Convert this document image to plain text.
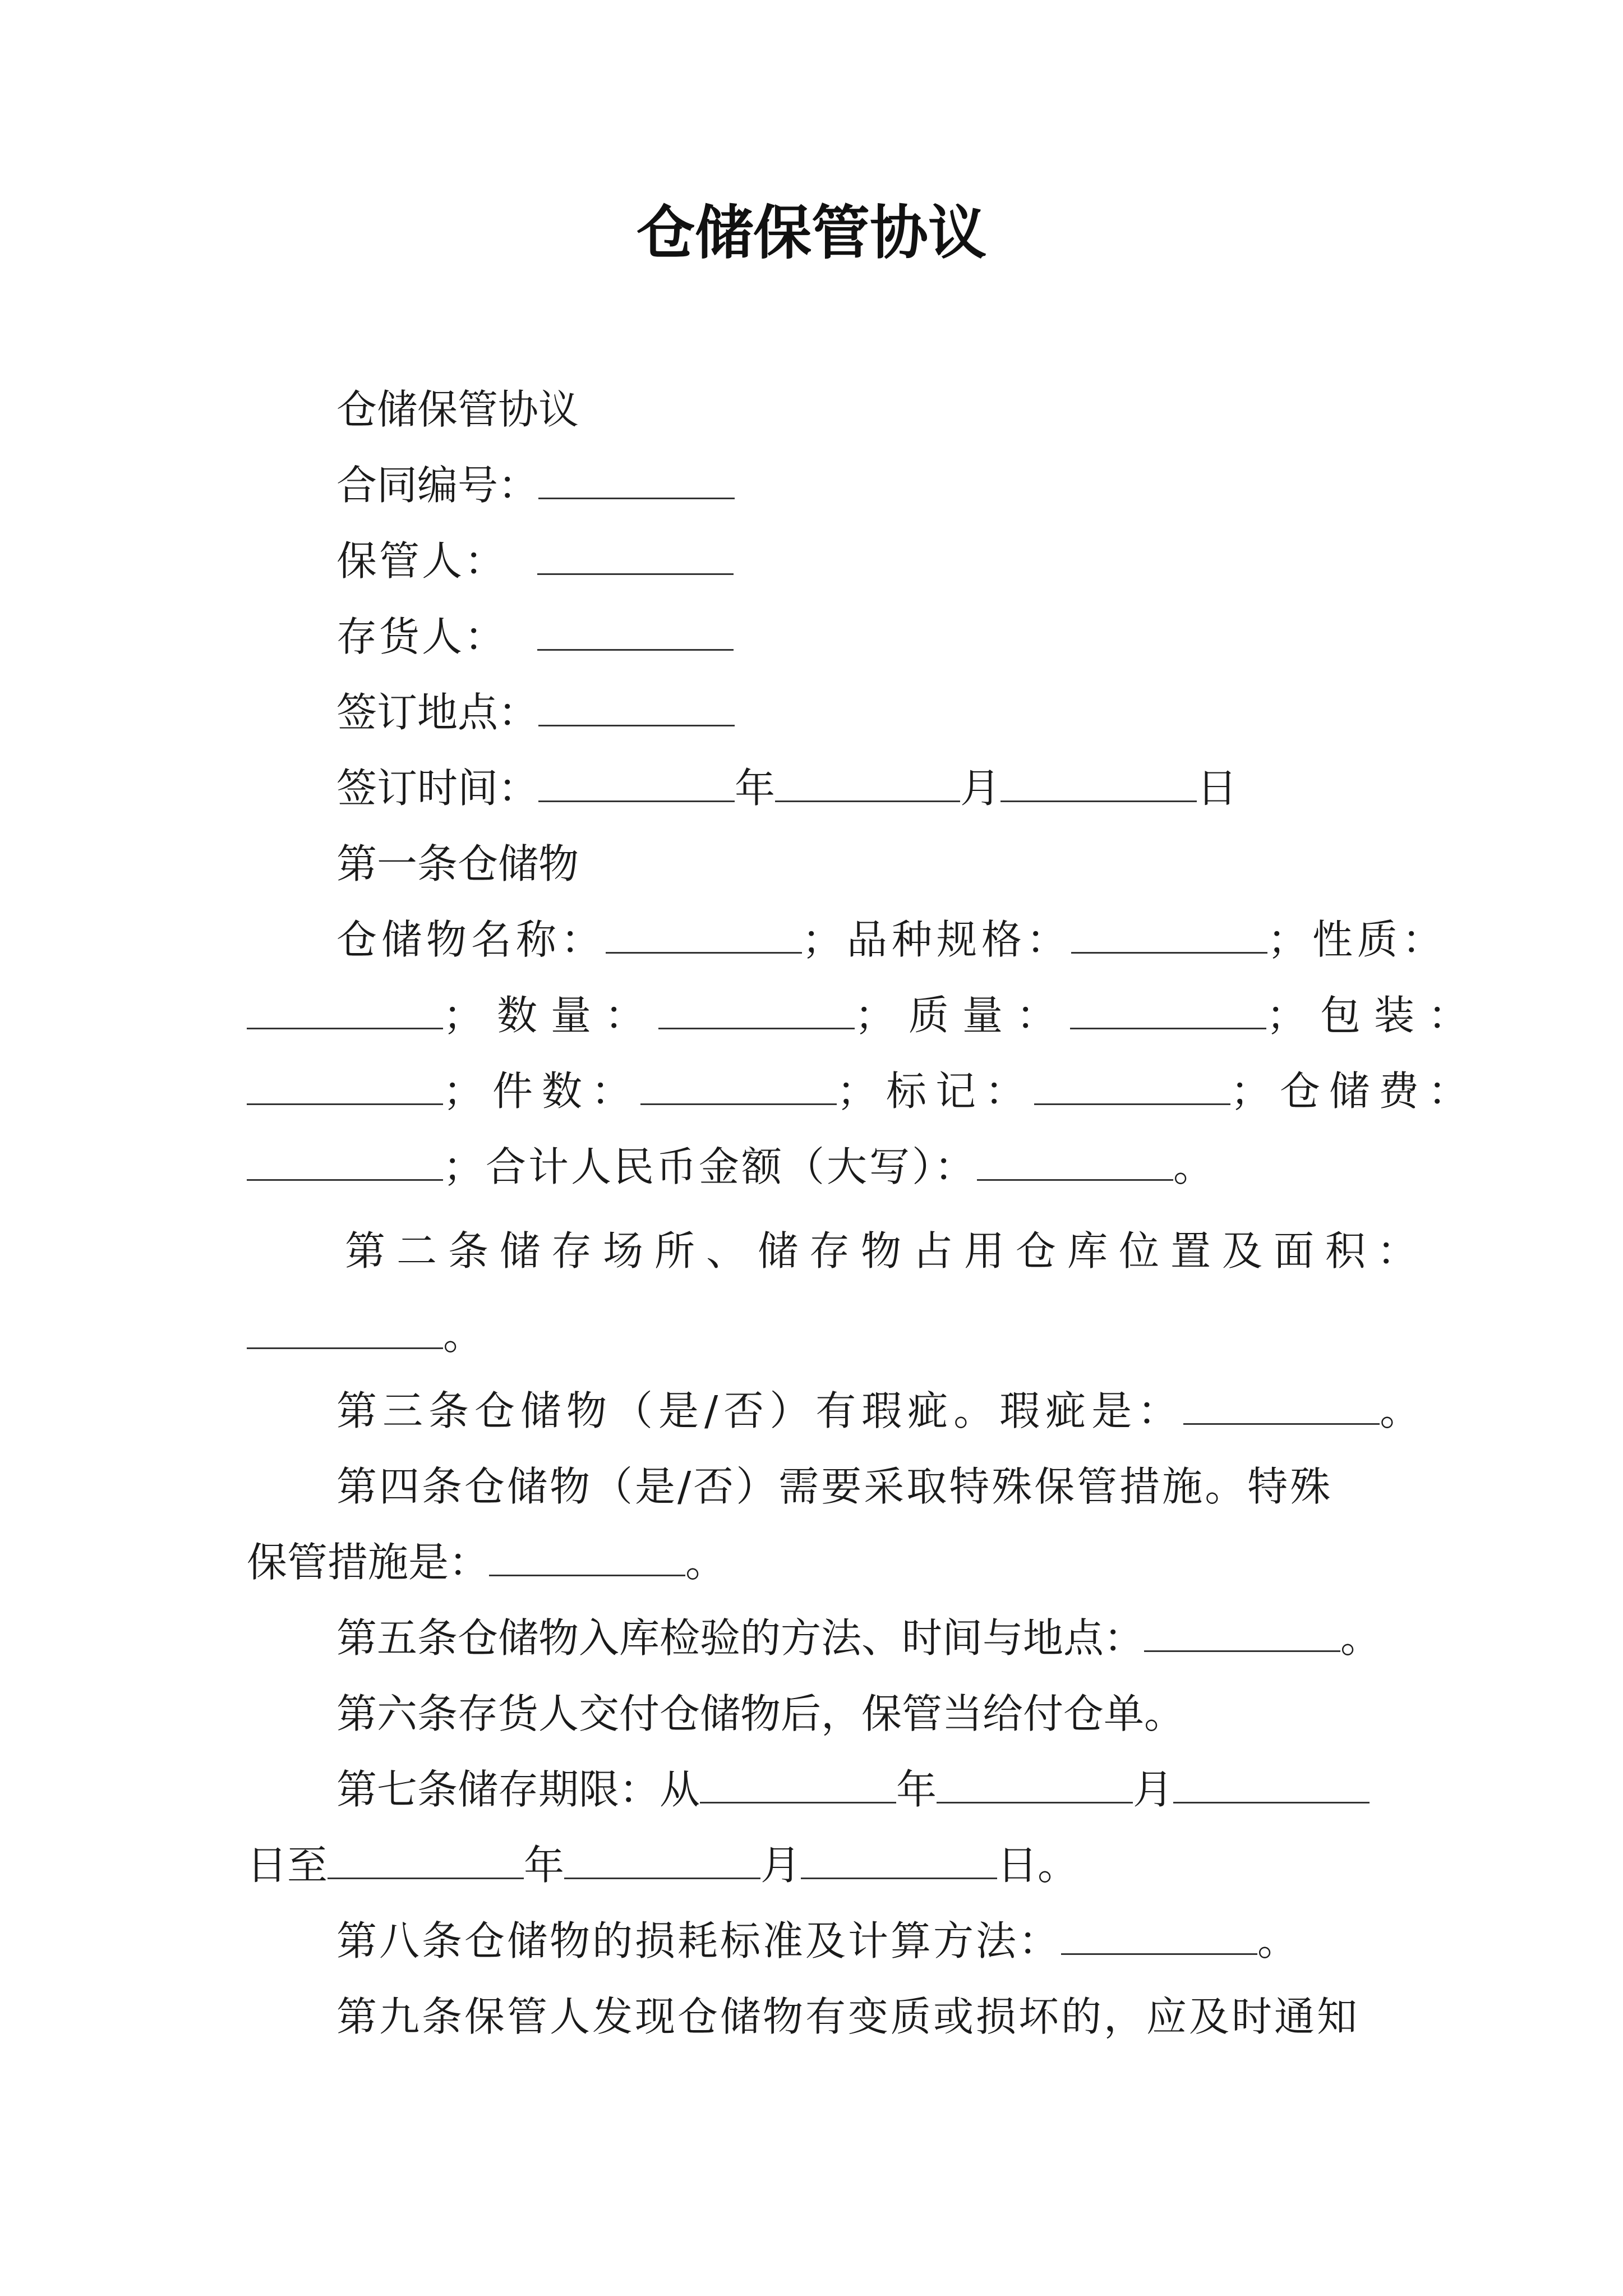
仓储保管协议
仓储保管协议
合同编号：
保管人：
存货人：
签订地点：
签订时间：	年	月	日
第一条仓储物
仓储物名称：	；品种规格：	；性质：
；数量：	；质量：	；包装：
；件数：	；标记：	；仓储费：
；合计人民币金额（大写）：	。
第二条储存场所、储存物占用仓库位置及面积：
。
第三条仓储物（是/否）有瑕疵。瑕疵是：	。
第四条仓储物（是/否）需要采取特殊保管措施。特殊
保管措施是：	。
第五条仓储物入库检验的方法、时间与地点：	。
第六条存货人交付仓储物后，保管当给付仓单。
第七条储存期限：从	年	月
日至	年	月	日。
第八条仓储物的损耗标准及计算方法：	。
第九条保管人发现仓储物有变质或损坏的，应及时通知
